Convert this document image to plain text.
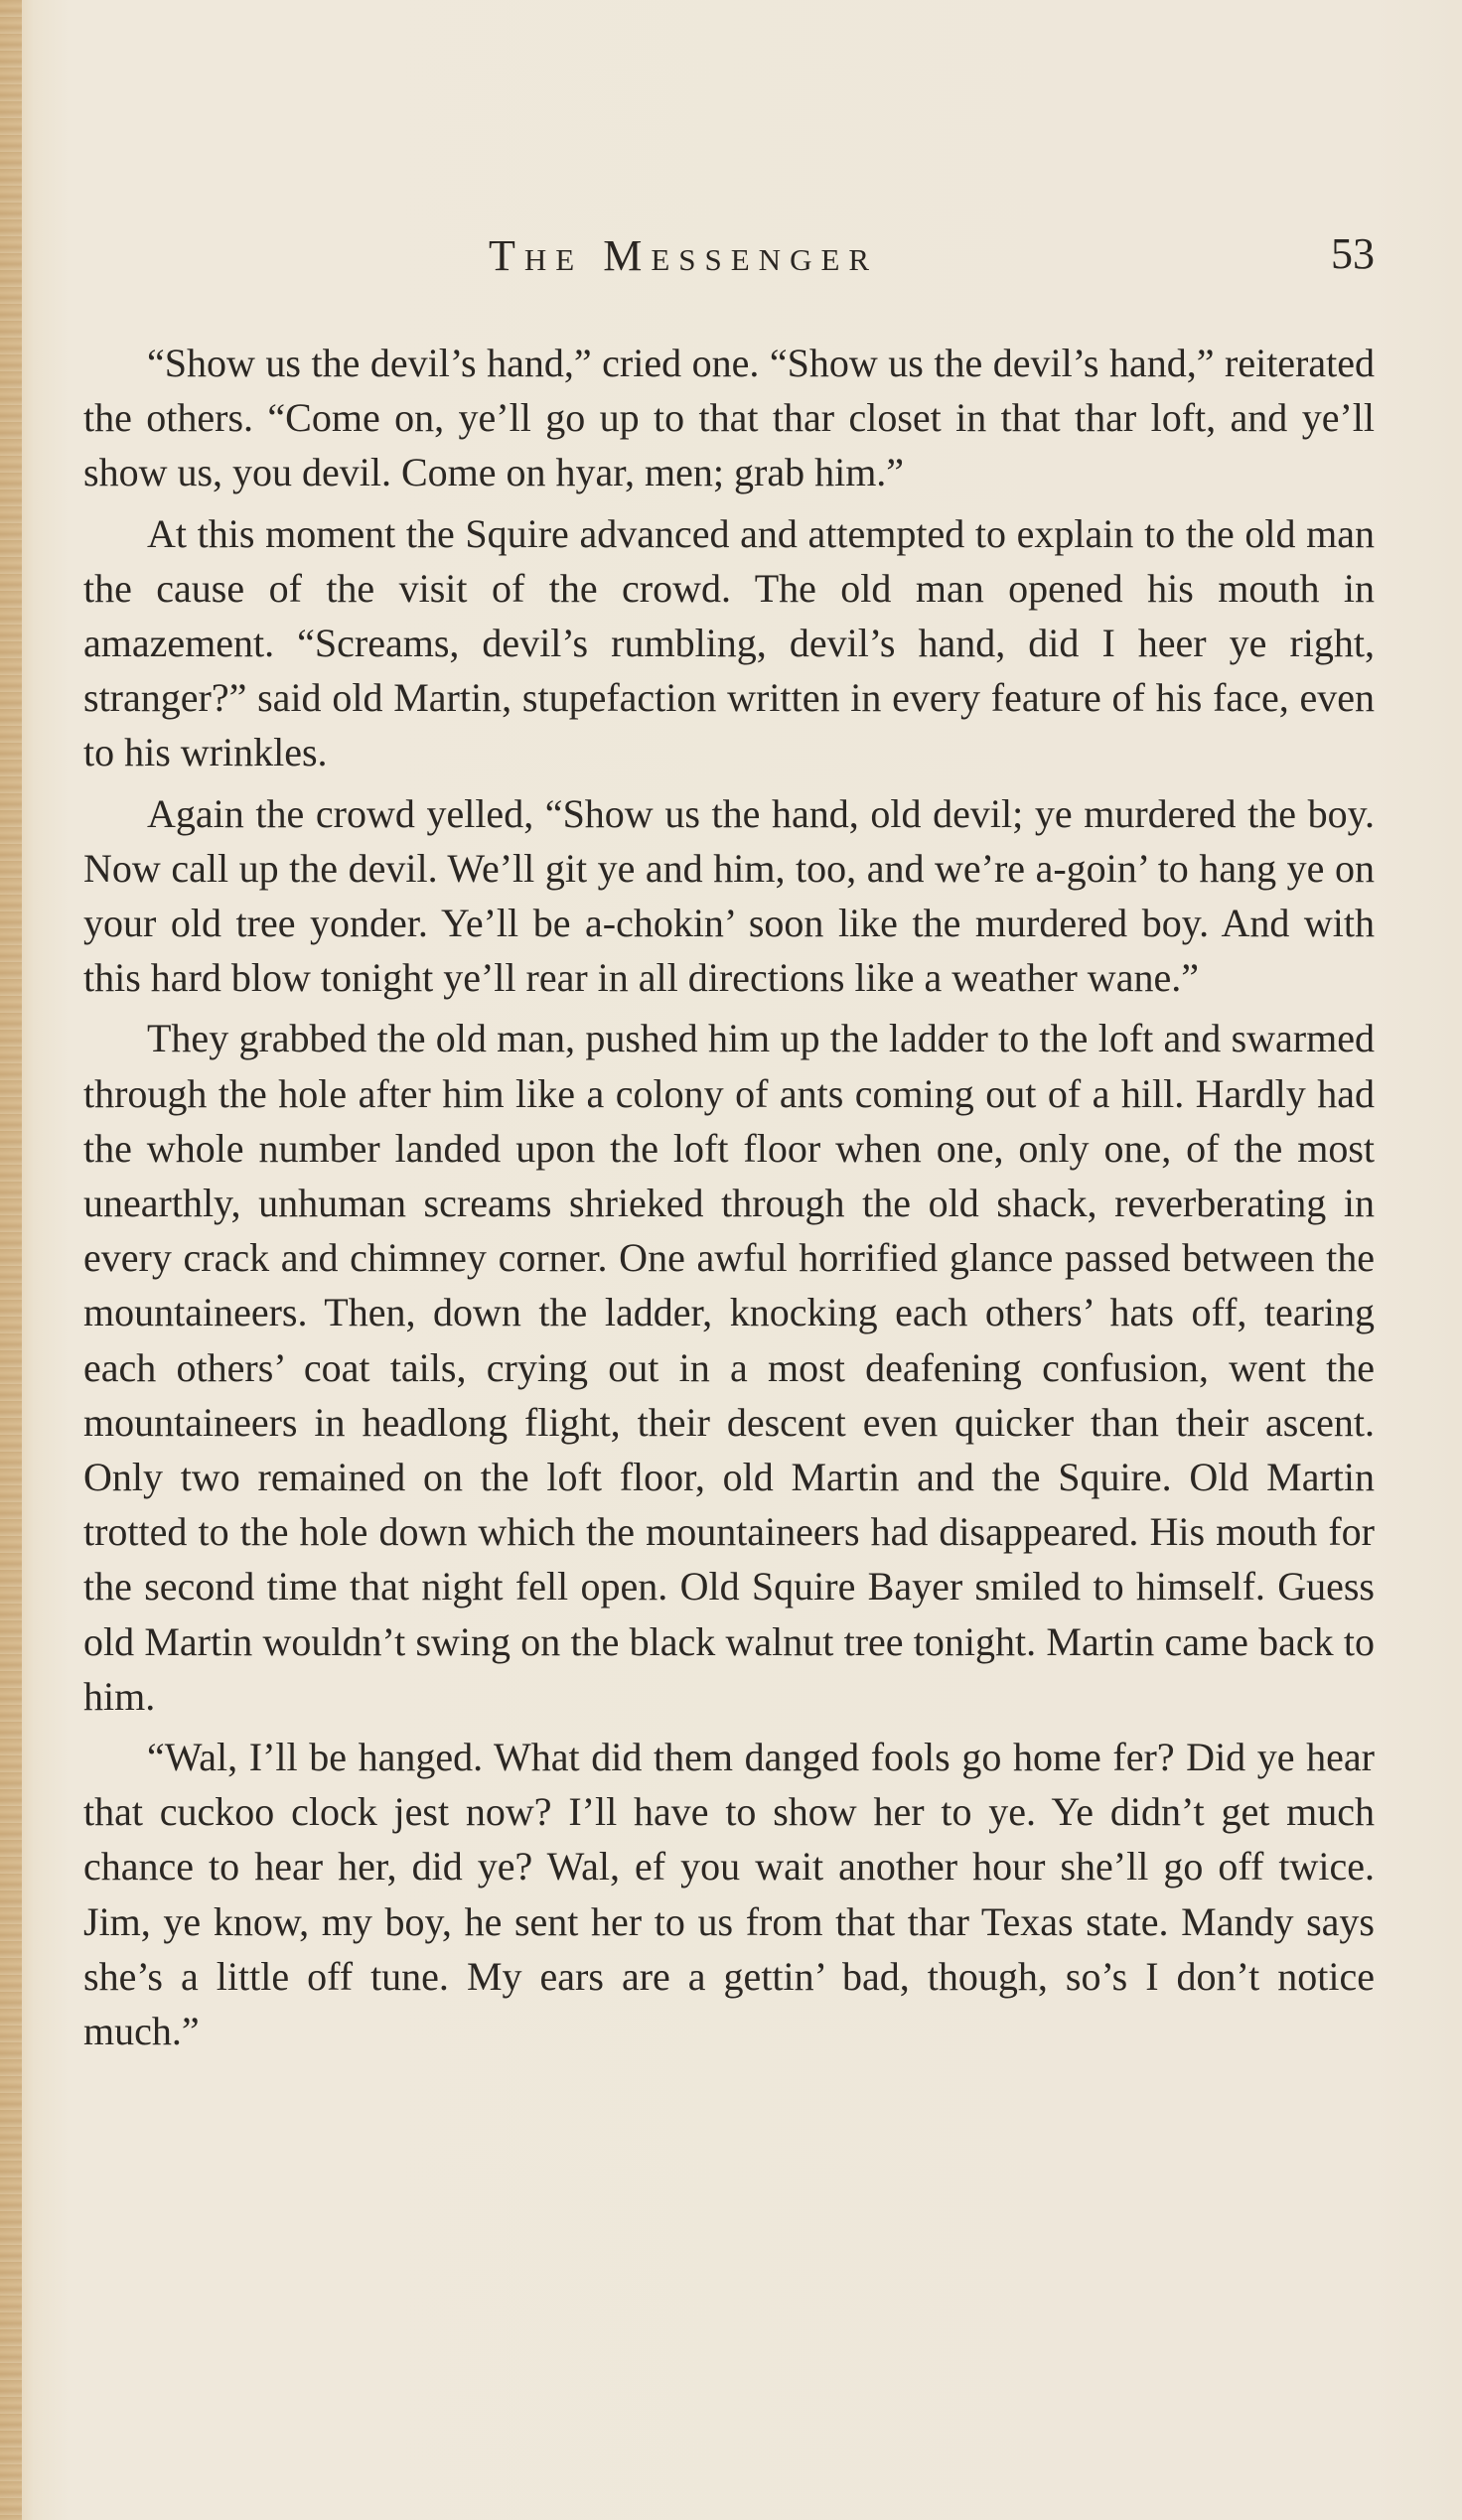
The Messenger	53

“Show us the devil’s hand,” cried one. “Show us the devil’s hand,” reiterated the others. “Come on, ye’ll go up to that thar closet in that thar loft, and ye’ll show us, you devil. Come on hyar, men; grab him.”

At this moment the Squire advanced and attempted to explain to the old man the cause of the visit of the crowd. The old man opened his mouth in amazement. “Screams, devil’s rumbling, devil’s hand, did I heer ye right, stranger?” said old Martin, stupefaction written in every feature of his face, even to his wrinkles.

Again the crowd yelled, “Show us the hand, old devil; ye murdered the boy. Now call up the devil. We’ll git ye and him, too, and we’re a-goin’ to hang ye on your old tree yonder. Ye’ll be a-chokin’ soon like the murdered boy. And with this hard blow tonight ye’ll rear in all directions like a weather wane.”

They grabbed the old man, pushed him up the ladder to the loft and swarmed through the hole after him like a colony of ants coming out of a hill. Hardly had the whole number landed upon the loft floor when one, only one, of the most unearthly, unhuman screams shrieked through the old shack, reverberating in every crack and chimney corner. One awful horrified glance passed between the mountaineers. Then, down the ladder, knocking each others’ hats off, tearing each others’ coat tails, crying out in a most deafening confusion, went the mountaineers in headlong flight, their descent even quicker than their ascent. Only two remained on the loft floor, old Martin and the Squire. Old Martin trotted to the hole down which the mountaineers had disappeared. His mouth for the second time that night fell open. Old Squire Bayer smiled to himself. Guess old Martin wouldn’t swing on the black walnut tree tonight. Martin came back to him.

“Wal, I’ll be hanged. What did them danged fools go home fer? Did ye hear that cuckoo clock jest now? I’ll have to show her to ye. Ye didn’t get much chance to hear her, did ye? Wal, ef you wait another hour she’ll go off twice. Jim, ye know, my boy, he sent her to us from that thar Texas state. Mandy says she’s a little off tune. My ears are a gettin’ bad, though, so’s I don’t notice much.”
